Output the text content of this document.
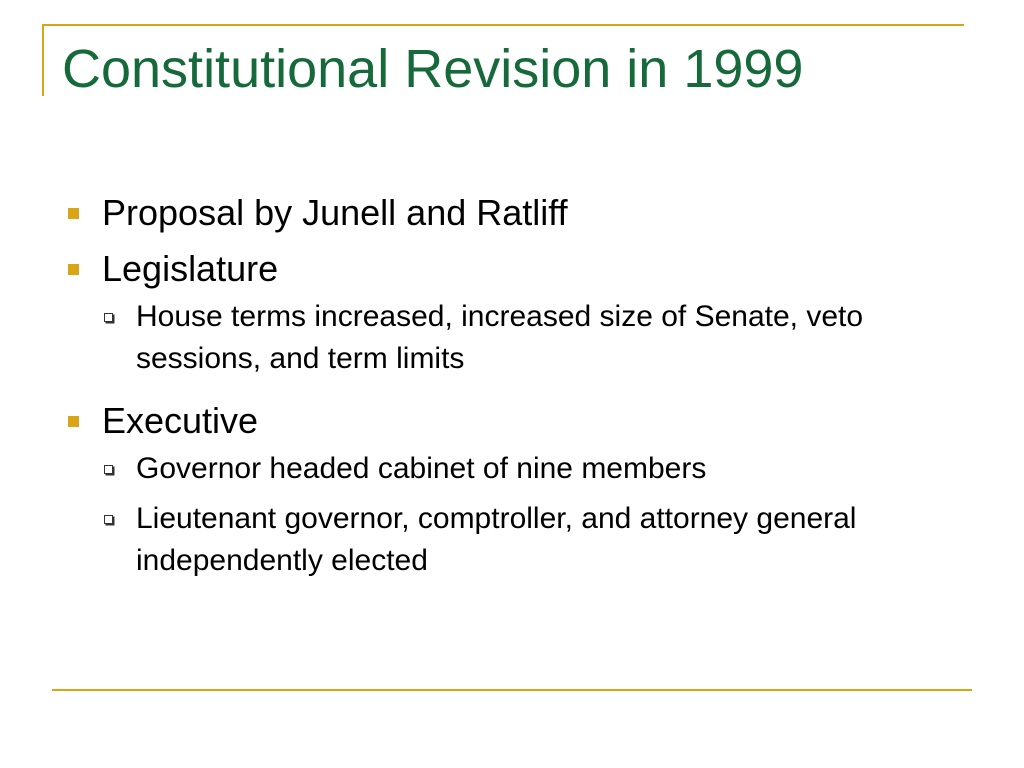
Constitutional Revision in 1999
Proposal by Junell and Ratliff
Legislature
House terms increased, increased size of Senate, veto sessions, and term limits
Executive
Governor headed cabinet of nine members
Lieutenant governor, comptroller, and attorney general independently elected
